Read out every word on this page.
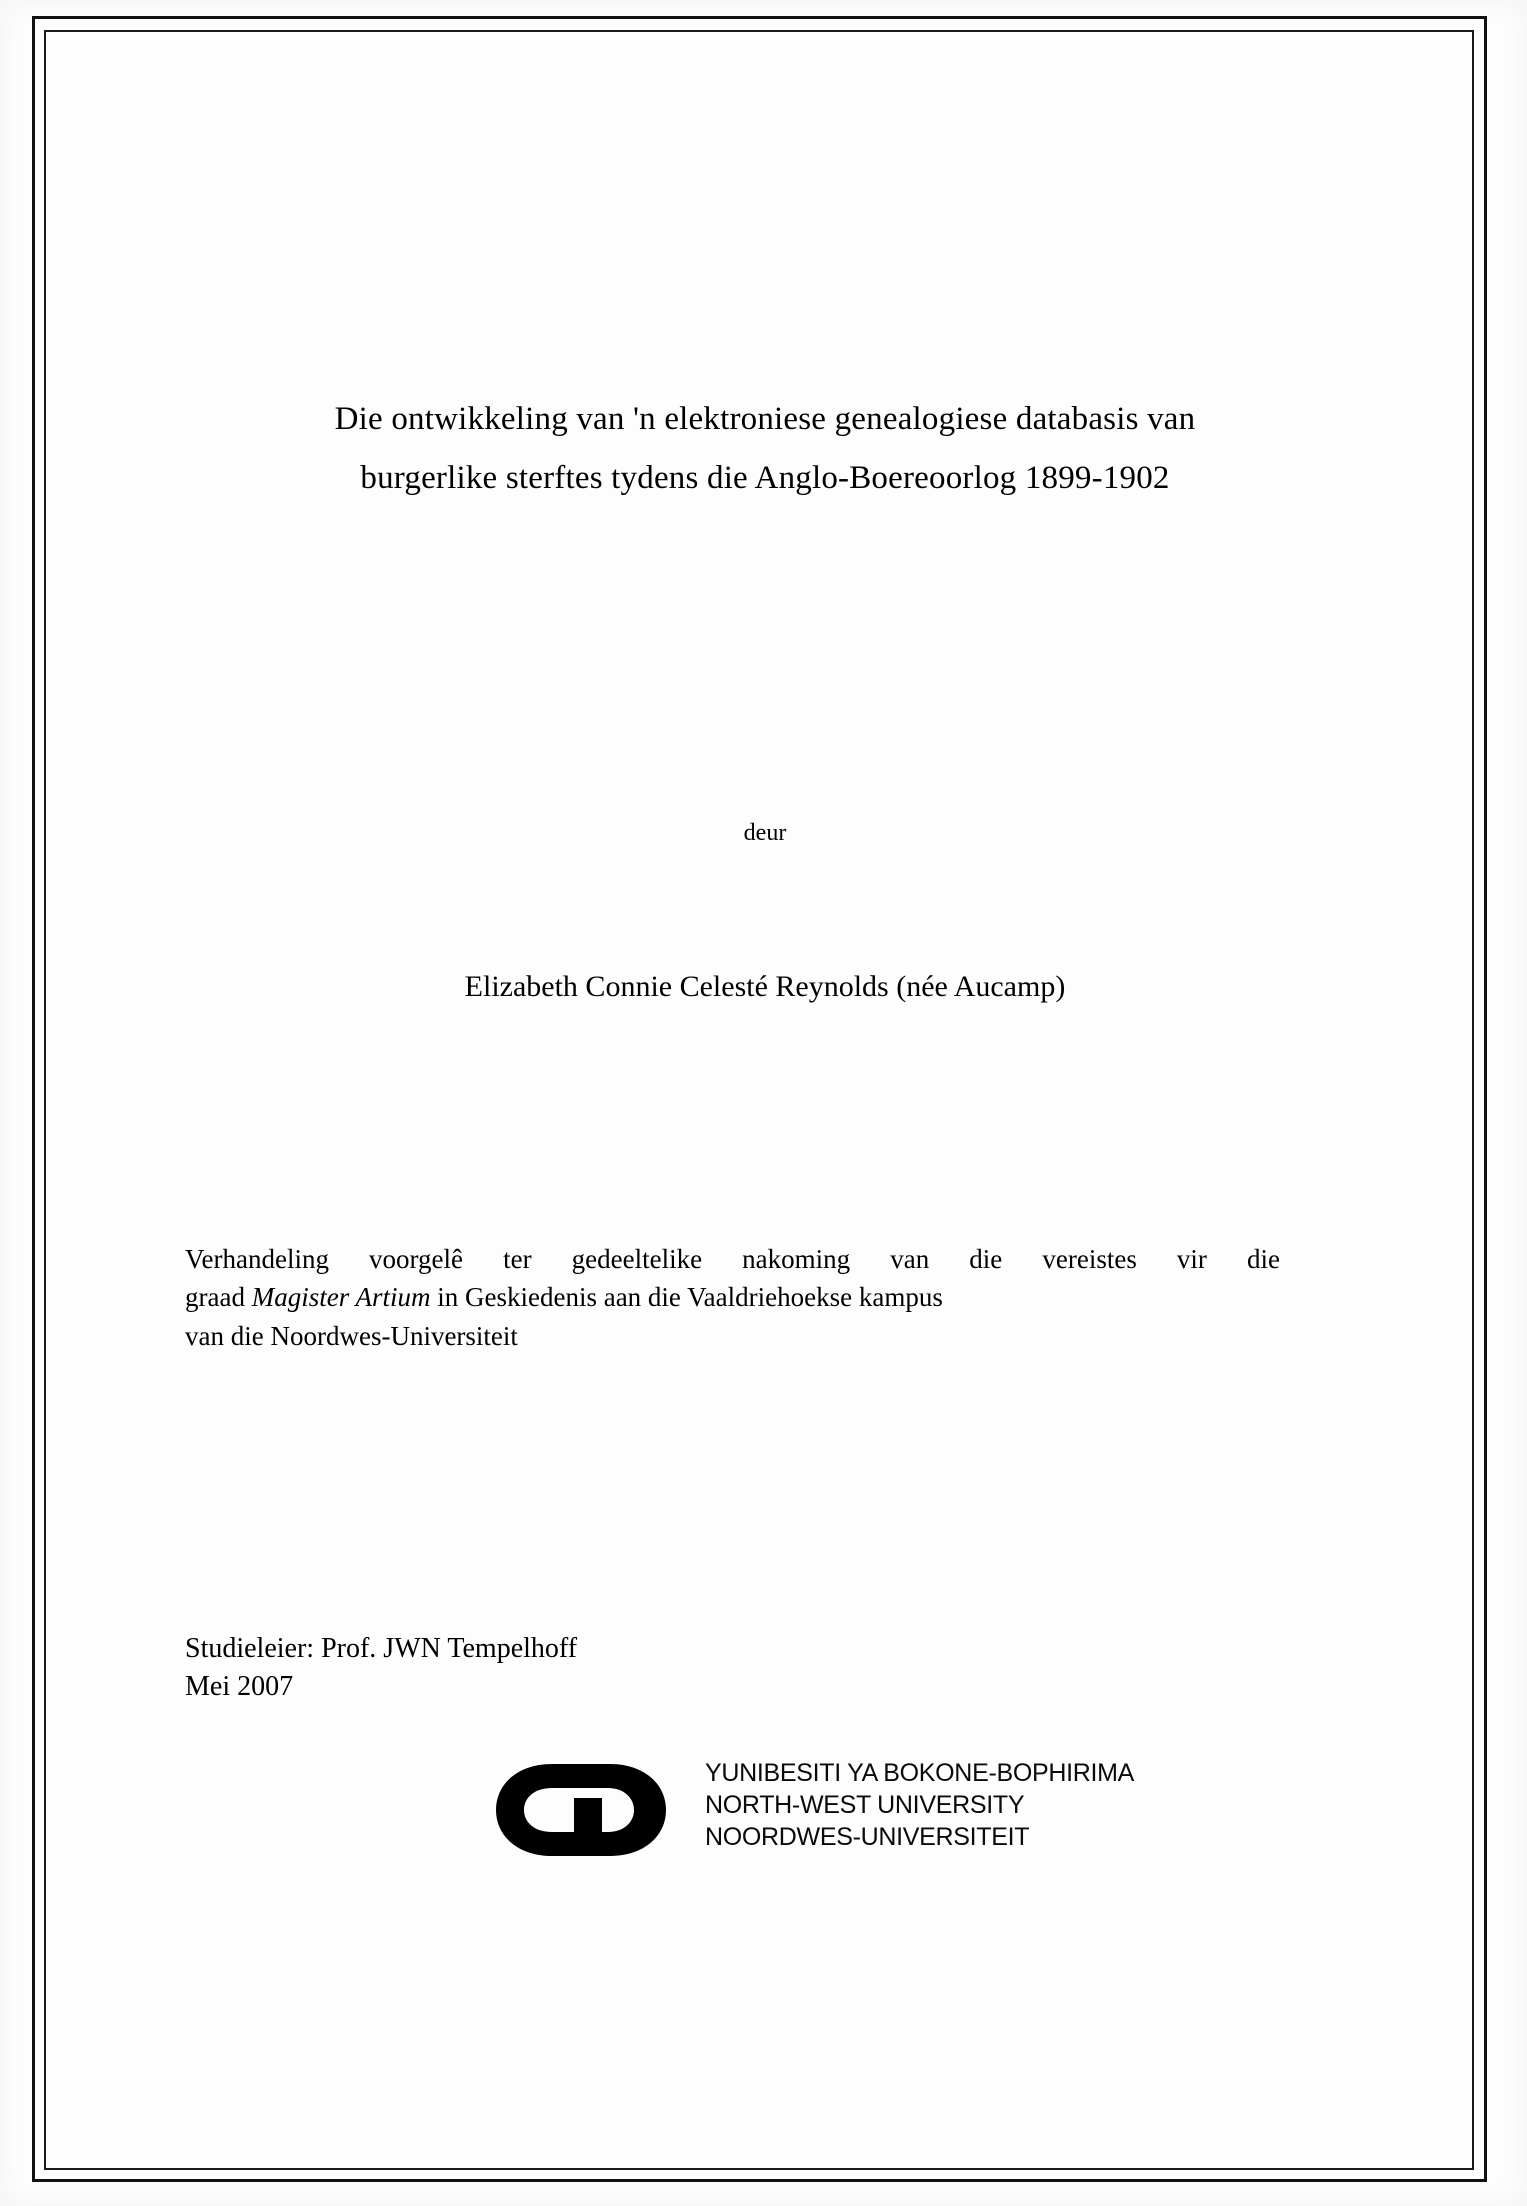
Die ontwikkeling van 'n elektroniese genealogiese databasis van
burgerlike sterftes tydens die Anglo-Boereoorlog 1899-1902
deur
Elizabeth Connie Celesté Reynolds (née Aucamp)

Verhandeling voorgelê ter gedeeltelike nakoming van die vereistes vir die

graad Magister Artium in Geskiedenis aan die Vaaldriehoekse kampus

van die Noordwes-Universiteit

Studieleier: Prof. JWN Tempelhoff
Mei 2007
YUNIBESITI YA BOKONE-BOPHIRIMA
NORTH-WEST UNIVERSITY
NOORDWES-UNIVERSITEIT
